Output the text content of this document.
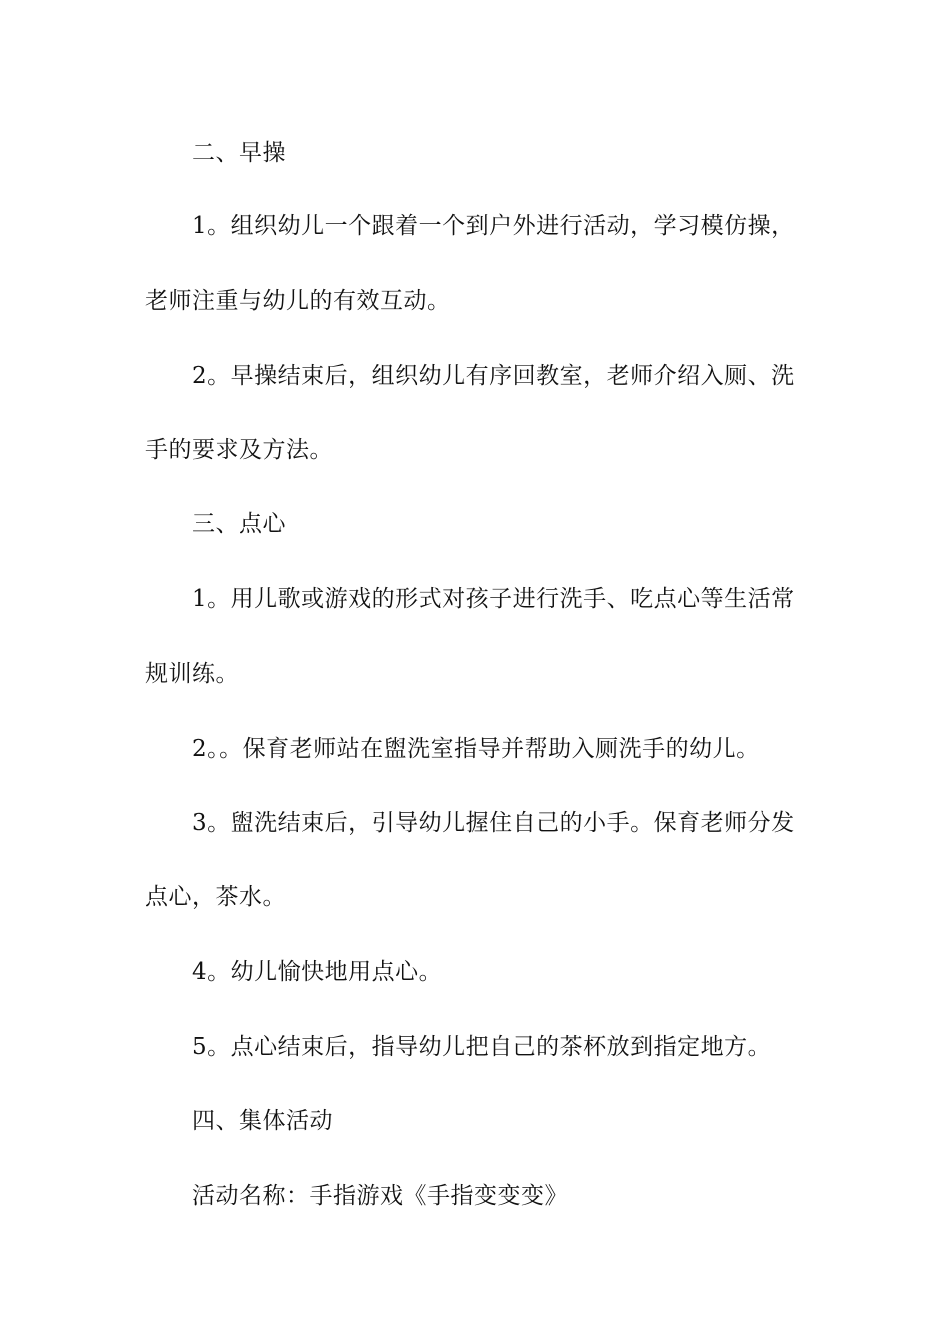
二、早操
1。组织幼儿一个跟着一个到户外进行活动，学习模仿操，
老师注重与幼儿的有效互动。
2。早操结束后，组织幼儿有序回教室，老师介绍入厕、洗
手的要求及方法。
三、点心
1。用儿歌或游戏的形式对孩子进行洗手、吃点心等生活常
规训练。
2。。保育老师站在盥洗室指导并帮助入厕洗手的幼儿。
3。盥洗结束后，引导幼儿握住自己的小手。保育老师分发
点心，茶水。
4。幼儿愉快地用点心。
5。点心结束后，指导幼儿把自己的茶杯放到指定地方。
四、集体活动
活动名称：手指游戏《手指变变变》
